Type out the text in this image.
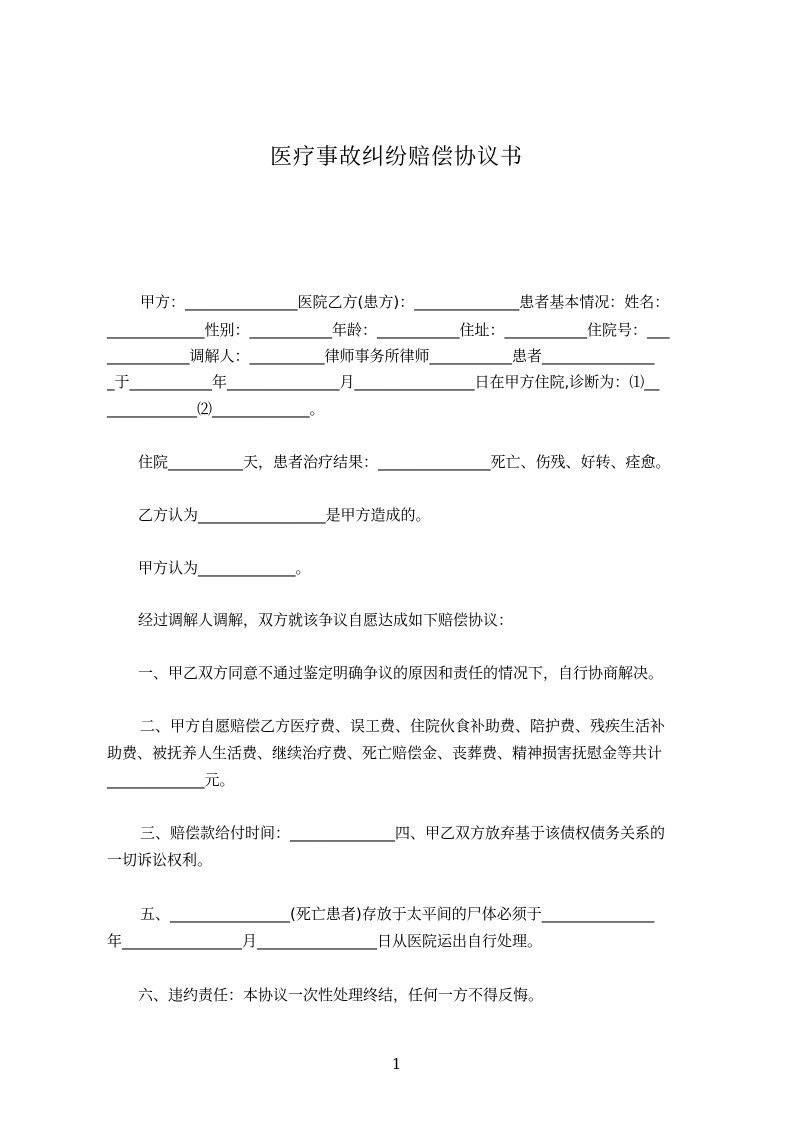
医疗事故纠纷赔偿协议书
甲方：_______________医院乙方(患方)：______________患者基本情况：姓名：
_____________性别：___________年龄：___________住址：___________住院号：___
___________调解人：__________律师事务所律师___________患者_______________
_于___________年_______________月________________日在甲方住院,诊断为：⑴__
____________⑵_____________。
住院__________天，患者治疗结果：_______________死亡、伤残、好转、痊愈。
乙方认为_________________是甲方造成的。
甲方认为_____________。
经过调解人调解，双方就该争议自愿达成如下赔偿协议：
一、甲乙双方同意不通过鉴定明确争议的原因和责任的情况下，自行协商解决。
二、甲方自愿赔偿乙方医疗费、误工费、住院伙食补助费、陪护费、残疾生活补
助费、被抚养人生活费、继续治疗费、死亡赔偿金、丧葬费、精神损害抚慰金等共计
_____________元。
三、赔偿款给付时间：______________四、甲乙双方放弃基于该债权债务关系的
一切诉讼权利。
五、________________(死亡患者)存放于太平间的尸体必须于_______________
年________________月________________日从医院运出自行处理。
六、违约责任：本协议一次性处理终结，任何一方不得反悔。
1
